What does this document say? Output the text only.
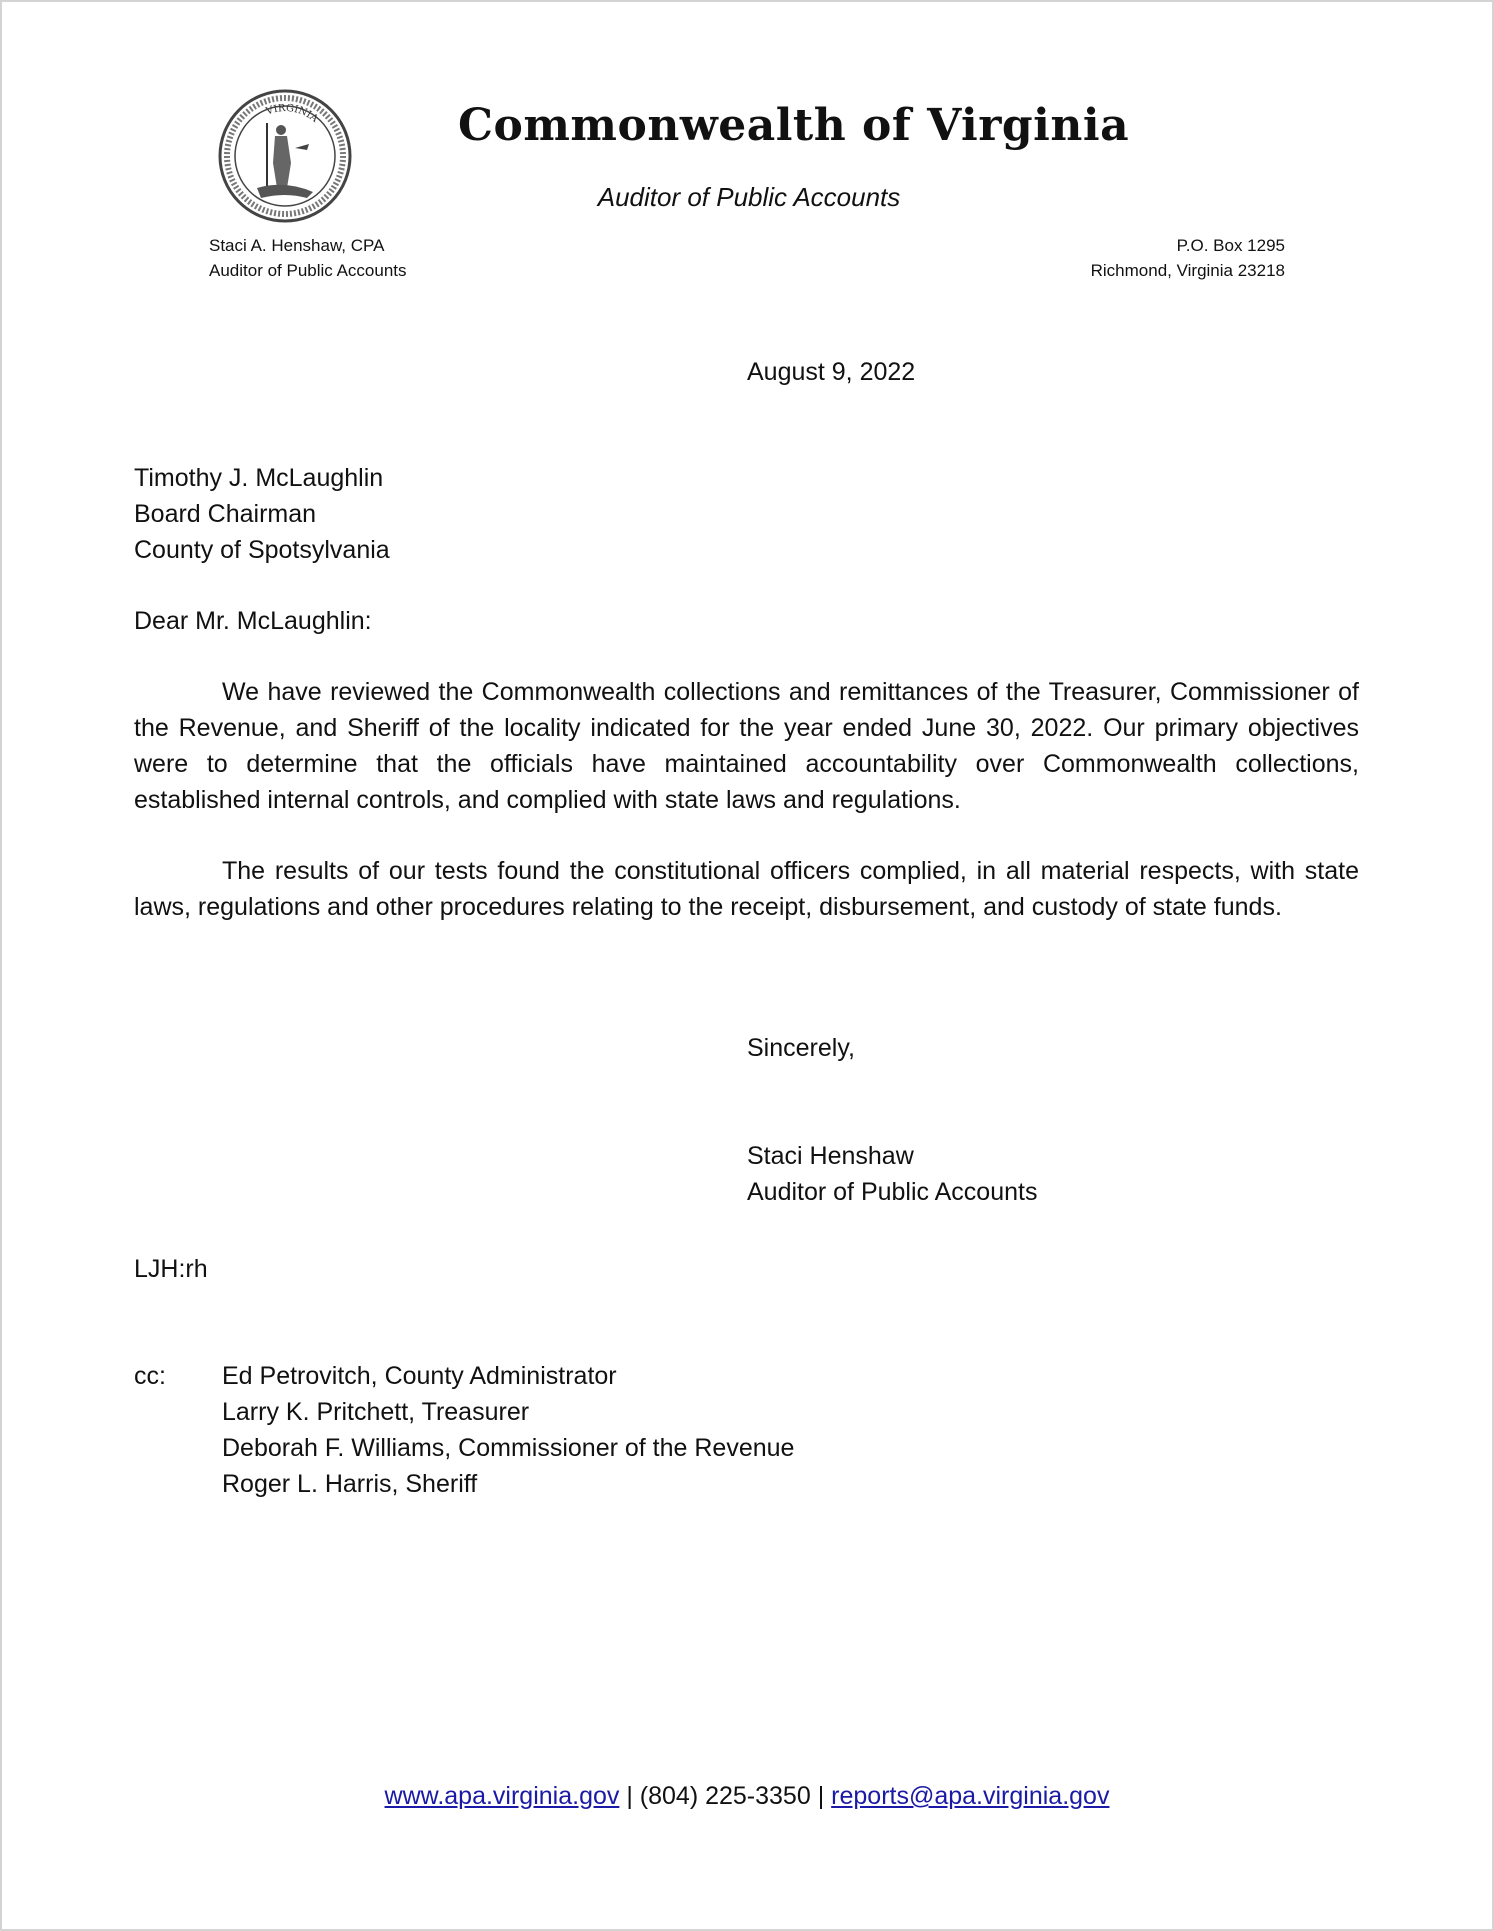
VIRGINIA	Commonwealth of Virginia
Auditor of Public Accounts
Staci A. Henshaw, CPA
Auditor of Public Accounts
P.O. Box 1295
Richmond, Virginia 23218
August 9, 2022
Timothy J. McLaughlin
Board Chairman
County of Spotsylvania
Dear Mr. McLaughlin:
We have reviewed the Commonwealth collections and remittances of the Treasurer, Commissioner of the Revenue, and Sheriff of the locality indicated for the year ended June 30, 2022. Our primary objectives were to determine that the officials have maintained accountability over Commonwealth collections, established internal controls, and complied with state laws and regulations.
The results of our tests found the constitutional officers complied, in all material respects, with state laws, regulations and other procedures relating to the receipt, disbursement, and custody of state funds.
Sincerely,
Staci Henshaw
Auditor of Public Accounts
LJH:rh
cc: Ed Petrovitch, County Administrator
Larry K. Pritchett, Treasurer
Deborah F. Williams, Commissioner of the Revenue
Roger L. Harris, Sheriff
www.apa.virginia.gov | (804) 225-3350 | reports@apa.virginia.gov
